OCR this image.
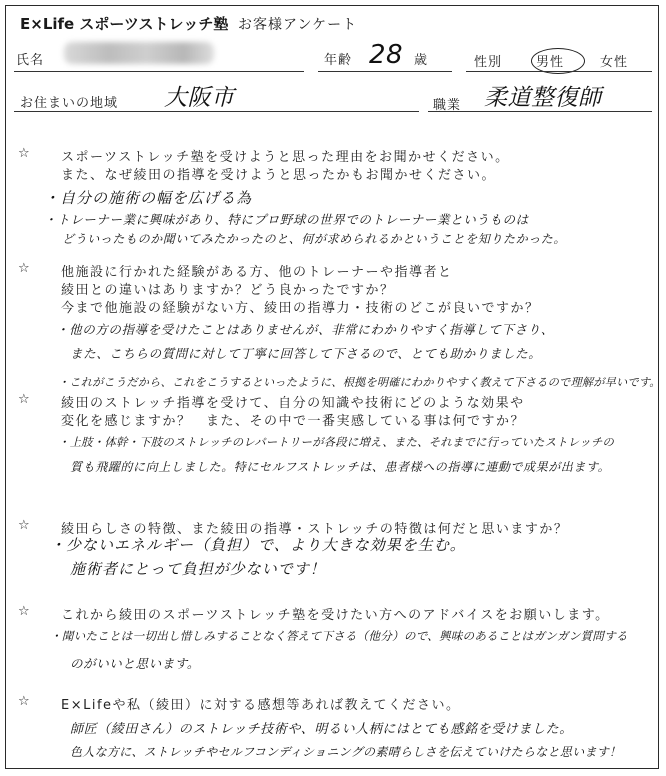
E×Life スポーツストレッチ塾 お客様アンケート
氏名	年齢 28 歳	性別	男性	女性
お住まいの地域 大阪市	職業 柔道整復師
☆ スポーツストレッチ塾を受けようと思った理由をお聞かせください。
また、なぜ綾田の指導を受けようと思ったかもお聞かせください。
・自分の施術の幅を広げる為
・トレーナー業に興味があり、特にプロ野球の世界でのトレーナー業というものは
どういったものか聞いてみたかったのと、何が求められるかということを知りたかった。
☆ 他施設に行かれた経験がある方、他のトレーナーや指導者と
綾田との違いはありますか？どう良かったですか？
今まで他施設の経験がない方、綾田の指導力・技術のどこが良いですか？
・他の方の指導を受けたことはありませんが、非常にわかりやすく指導して下さり、
また、こちらの質問に対して丁寧に回答して下さるので、とても助かりました。
・これがこうだから、これをこうするといったように、根拠を明確にわかりやすく教えて下さるので理解が早いです。
☆ 綾田のストレッチ指導を受けて、自分の知識や技術にどのような効果や
変化を感じますか？　また、その中で一番実感している事は何ですか？
・上肢・体幹・下肢のストレッチのレパートリーが各段に増え、また、それまでに行っていたストレッチの
質も飛躍的に向上しました。特にセルフストレッチは、患者様への指導に連動で成果が出ます。
☆ 綾田らしさの特徴、また綾田の指導・ストレッチの特徴は何だと思いますか？
・少ないエネルギー（負担）で、より大きな効果を生む。
施術者にとって負担が少ないです！
☆ これから綾田のスポーツストレッチ塾を受けたい方へのアドバイスをお願いします。
・聞いたことは一切出し惜しみすることなく答えて下さる（他分）ので、興味のあることはガンガン質問する
のがいいと思います。
☆ E×Lifeや私（綾田）に対する感想等あれば教えてください。
師匠（綾田さん）のストレッチ技術や、明るい人柄にはとても感銘を受けました。
色人な方に、ストレッチやセルフコンディショニングの素晴らしさを伝えていけたらなと思います！
